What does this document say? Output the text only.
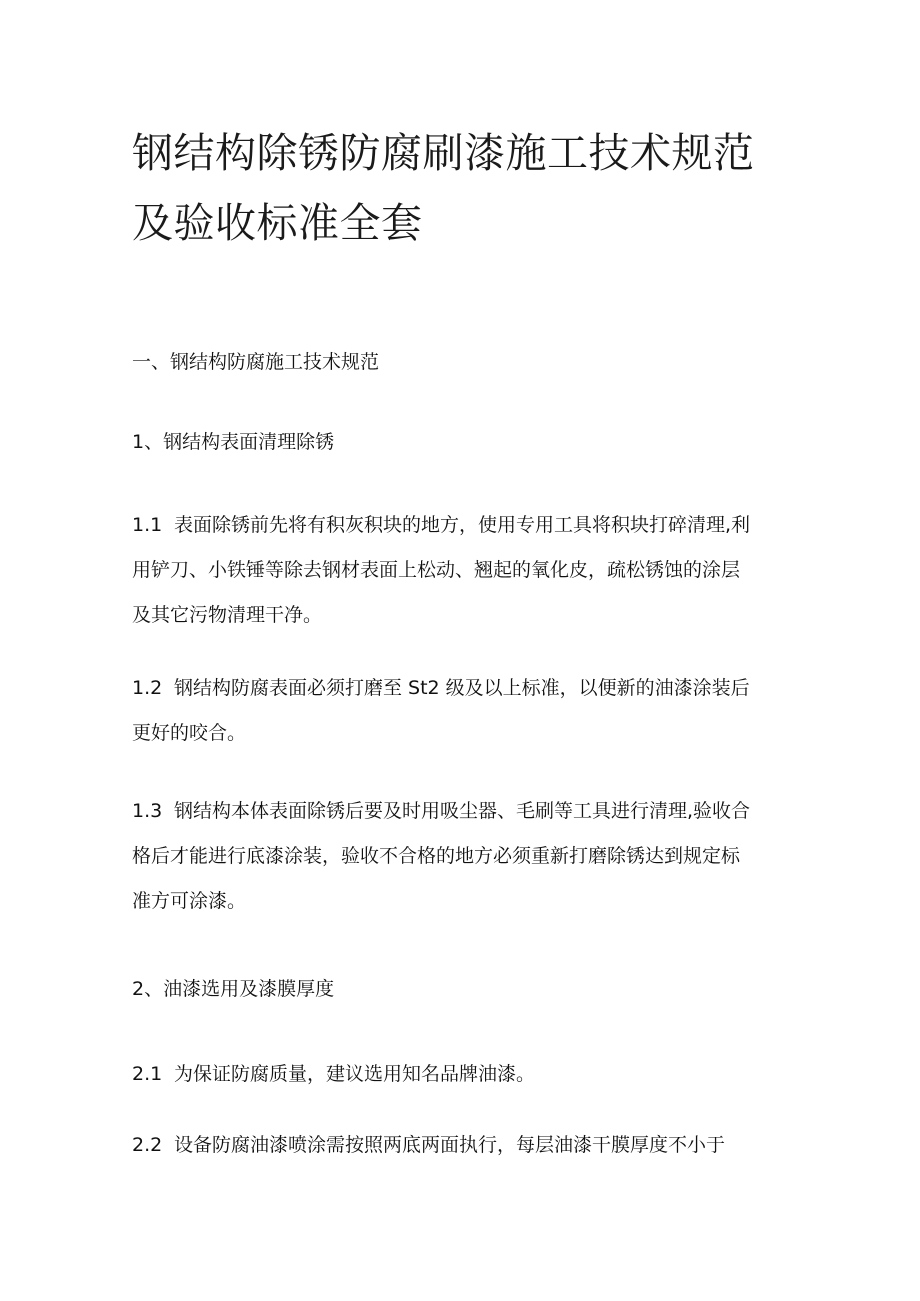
钢结构除锈防腐刷漆施工技术规范
及验收标准全套

一、钢结构防腐施工技术规范

1、钢结构表面清理除锈

1.1 表面除锈前先将有积灰积块的地方，使用专用工具将积块打碎清理,利
用铲刀、小铁锤等除去钢材表面上松动、翘起的氧化皮，疏松锈蚀的涂层
及其它污物清理干净。

1.2 钢结构防腐表面必须打磨至 St2 级及以上标准，以便新的油漆涂装后
更好的咬合。

1.3 钢结构本体表面除锈后要及时用吸尘器、毛刷等工具进行清理,验收合
格后才能进行底漆涂装，验收不合格的地方必须重新打磨除锈达到规定标
准方可涂漆。

2、油漆选用及漆膜厚度

2.1 为保证防腐质量，建议选用知名品牌油漆。

2.2 设备防腐油漆喷涂需按照两底两面执行，每层油漆干膜厚度不小于
